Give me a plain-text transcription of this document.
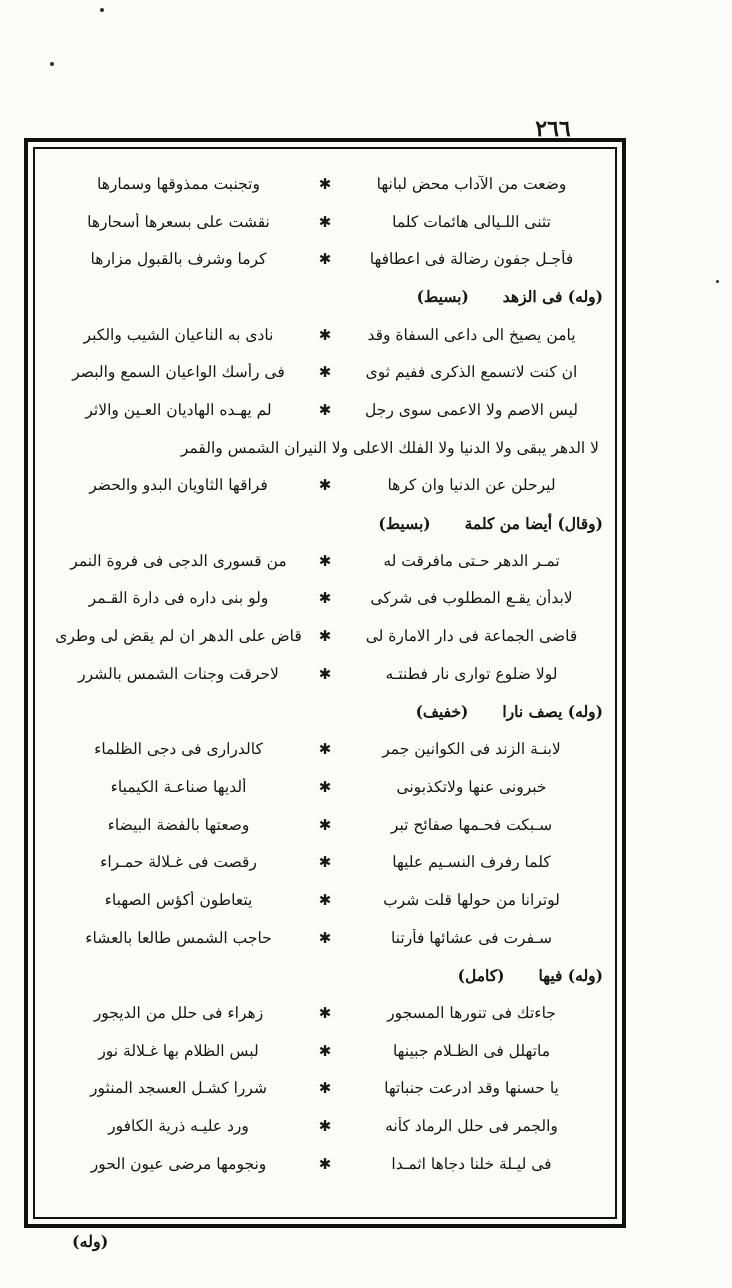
٢٦٦
وضعت من الآداب محض لبانها
✱
وتجنبت ممذوقها وسمارها
تثنى اللـيالى هائمات كلما
✱
نقشت على بسعرها أسحارها
فأجـل جفون رضالة فى اعطافها
✱
كرما وشرف بالقبول مزارها
(وله) فى الزهد
(بسيط)
يامن يصيخ الى داعى السفاة وقد
✱
نادى به الناعيان الشيب والكبر
ان كنت لاتسمع الذكرى ففيم ثوى
✱
فى رأسك الواعيان السمع والبصر
ليس الاصم ولا الاعمى سوى رجل
✱
لم يهـده الهاديان العـين والاثر
لا الدهر يبقى ولا الدنيا ولا الفلك الاعلى ولا النيران الشمس والقمر
ليرحلن عن الدنيا وان كرها
✱
فراقها الثاويان البدو والحضر
(وقال) أيضا من كلمة
(بسيط)
تمـر الدهر حـتى مافرقت له
✱
من قسورى الدجى فى فروة النمر
لابدأن يقـع المطلوب فى شركى
✱
ولو بنى داره فى دارة القـمر
قاضى الجماعة فى دار الامارة لى
✱
قاض على الدهر ان لم يقض لى وطرى
لولا ضلوع توارى نار فطنتـه
✱
لاحرقت وجنات الشمس بالشرر
(وله) يصف نارا
(خفيف)
لابنـة الزند فى الكوانين جمر
✱
كالدرارى فى دجى الظلماء
خبرونى عنها ولاتكذبونى
✱
ألديها صناعـة الكيمياء
سـبكت فحـمها صفائح تبر
✱
وصعتها بالفضة البيضاء
كلما رفرف النسـيم عليها
✱
رقصت فى غـلالة حمـراء
لوترانا من حولها قلت شرب
✱
يتعاطون أكؤس الصهباء
سـفرت فى عشائها فأرتنا
✱
حاجب الشمس طالعا بالعشاء
(وله) فيها
(كامل)
جاءتك فى تنورها المسجور
✱
زهراء فى حلل من الديجور
ماتهلل فى الظـلام جبينها
✱
لبس الظلام بها غـلالة نور
يا حسنها وقد ادرعت جنباتها
✱
شررا كشـل العسجد المنثور
والجمر فى حلل الرماد كأنه
✱
ورد عليـه ذرية الكافور
فى ليـلة خلنا دجاها اثمـدا
✱
ونجومها مرضى عيون الحور
(وله)
